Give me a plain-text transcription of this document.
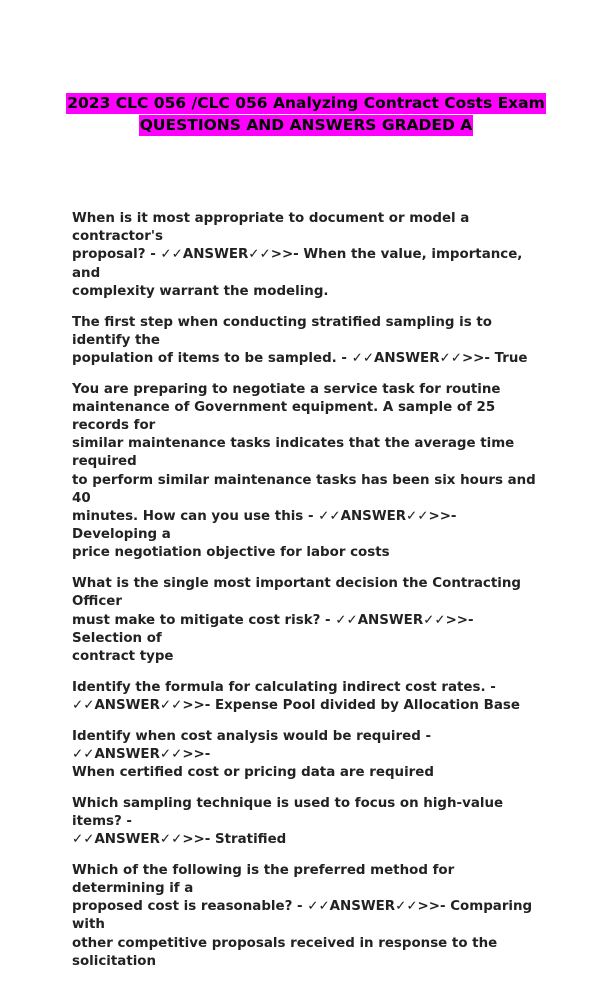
2023 CLC 056 /CLC 056 Analyzing Contract Costs Exam
QUESTIONS AND ANSWERS GRADED A
When is it most appropriate to document or model a contractor's
proposal? - ✓✓ANSWER✓✓>>- When the value, importance, and
complexity warrant the modeling.
The first step when conducting stratified sampling is to identify the
population of items to be sampled. - ✓✓ANSWER✓✓>>- True
You are preparing to negotiate a service task for routine
maintenance of Government equipment. A sample of 25 records for
similar maintenance tasks indicates that the average time required
to perform similar maintenance tasks has been six hours and 40
minutes. How can you use this - ✓✓ANSWER✓✓>>- Developing a
price negotiation objective for labor costs
What is the single most important decision the Contracting Officer
must make to mitigate cost risk? - ✓✓ANSWER✓✓>>- Selection of
contract type
Identify the formula for calculating indirect cost rates. -
✓✓ANSWER✓✓>>- Expense Pool divided by Allocation Base
Identify when cost analysis would be required - ✓✓ANSWER✓✓>>-
When certified cost or pricing data are required
Which sampling technique is used to focus on high-value items? -
✓✓ANSWER✓✓>>- Stratified
Which of the following is the preferred method for determining if a
proposed cost is reasonable? - ✓✓ANSWER✓✓>>- Comparing with
other competitive proposals received in response to the solicitation
